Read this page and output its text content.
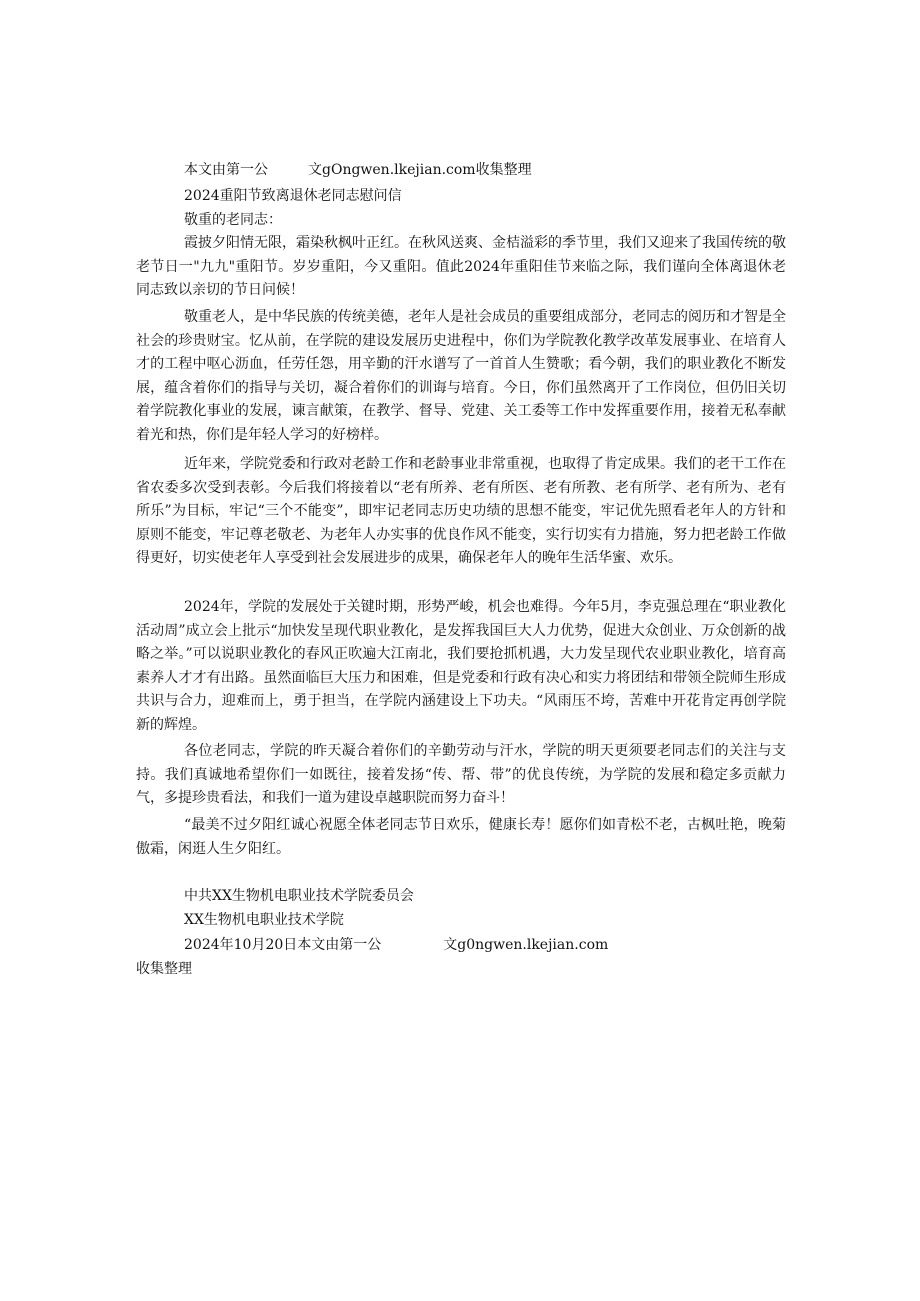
本文由第一公	文gOngwen.lkejian.com收集整理
2024重阳节致离退休老同志慰问信
敬重的老同志：

霞披夕阳情无限，霜染秋枫叶正红。在秋风送爽、金桔溢彩的季节里，我们又迎来了我国传统的敬老节日一"九九"重阳节。岁岁重阳，今又重阳。值此2024年重阳佳节来临之际，我们谨向全体离退休老同志致以亲切的节日问候！

敬重老人，是中华民族的传统美德，老年人是社会成员的重要组成部分，老同志的阅历和才智是全社会的珍贵财宝。忆从前，在学院的建设发展历史进程中，你们为学院教化教学改革发展事业、在培育人才的工程中呕心沥血，任劳任怨，用辛勤的汗水谱写了一首首人生赞歌；看今朝，我们的职业教化不断发展，蕴含着你们的指导与关切，凝合着你们的训诲与培育。今日，你们虽然离开了工作岗位，但仍旧关切着学院教化事业的发展，谏言献策，在教学、督导、党建、关工委等工作中发挥重要作用，接着无私奉献着光和热，你们是年轻人学习的好榜样。

近年来，学院党委和行政对老龄工作和老龄事业非常重视，也取得了肯定成果。我们的老干工作在省农委多次受到表彰。今后我们将接着以“老有所养、老有所医、老有所教、老有所学、老有所为、老有所乐”为目标，牢记“三个不能变”，即牢记老同志历史功绩的思想不能变，牢记优先照看老年人的方针和原则不能变，牢记尊老敬老、为老年人办实事的优良作风不能变，实行切实有力措施，努力把老龄工作做得更好，切实使老年人享受到社会发展进步的成果，确保老年人的晚年生活华蜜、欢乐。

2024年，学院的发展处于关键时期，形势严峻，机会也难得。今年5月，李克强总理在“职业教化活动周”成立会上批示“加快发呈现代职业教化，是发挥我国巨大人力优势，促进大众创业、万众创新的战略之举。”可以说职业教化的春风正吹遍大江南北，我们要抢抓机遇，大力发呈现代农业职业教化，培育高素养人才才有出路。虽然面临巨大压力和困难，但是党委和行政有决心和实力将团结和带领全院师生形成共识与合力，迎难而上，勇于担当，在学院内涵建设上下功夫。“风雨压不垮，苦难中开花肯定再创学院新的辉煌。

各位老同志，学院的昨天凝合着你们的辛勤劳动与汗水，学院的明天更须要老同志们的关注与支持。我们真诚地希望你们一如既往，接着发扬“传、帮、带”的优良传统，为学院的发展和稳定多贡献力气，多提珍贵看法，和我们一道为建设卓越职院而努力奋斗！

“最美不过夕阳红诚心祝愿全体老同志节日欢乐，健康长寿！愿你们如青松不老，古枫吐艳，晚菊傲霜，闲逛人生夕阳红。

中共XX生物机电职业技术学院委员会
XX生物机电职业技术学院
2024年10月20日本文由第一公	文g0ngwen.lkejian.com
收集整理
